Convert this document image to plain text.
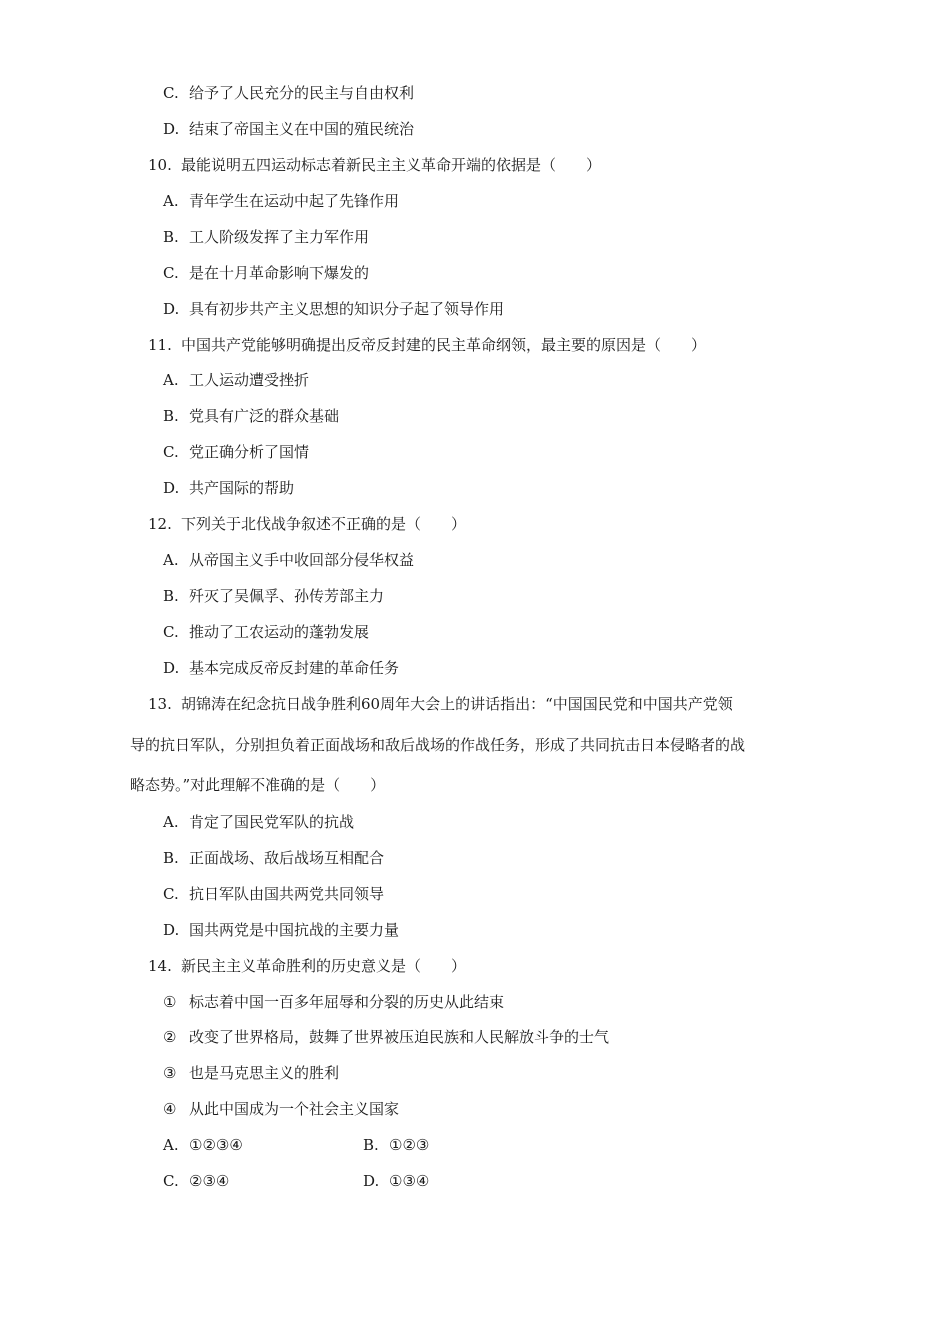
C. 给予了人民充分的民主与自由权利
D. 结束了帝国主义在中国的殖民统治
10. 最能说明五四运动标志着新民主主义革命开端的依据是（　　）
A. 青年学生在运动中起了先锋作用
B. 工人阶级发挥了主力军作用
C. 是在十月革命影响下爆发的
D. 具有初步共产主义思想的知识分子起了领导作用
11. 中国共产党能够明确提出反帝反封建的民主革命纲领，最主要的原因是（　　）
A. 工人运动遭受挫折
B. 党具有广泛的群众基础
C. 党正确分析了国情
D. 共产国际的帮助
12. 下列关于北伐战争叙述不正确的是（　　）
A. 从帝国主义手中收回部分侵华权益
B. 歼灭了吴佩孚、孙传芳部主力
C. 推动了工农运动的蓬勃发展
D. 基本完成反帝反封建的革命任务
13. 胡锦涛在纪念抗日战争胜利60周年大会上的讲话指出：“中国国民党和中国共产党领
导的抗日军队，分别担负着正面战场和敌后战场的作战任务，形成了共同抗击日本侵略者的战
略态势。”对此理解不准确的是（　　）
A. 肯定了国民党军队的抗战
B. 正面战场、敌后战场互相配合
C. 抗日军队由国共两党共同领导
D. 国共两党是中国抗战的主要力量
14. 新民主主义革命胜利的历史意义是（　　）
① 标志着中国一百多年屈辱和分裂的历史从此结束
② 改变了世界格局，鼓舞了世界被压迫民族和人民解放斗争的士气
③ 也是马克思主义的胜利
④ 从此中国成为一个社会主义国家
A. ①②③④	B. ①②③
C. ②③④	D. ①③④
